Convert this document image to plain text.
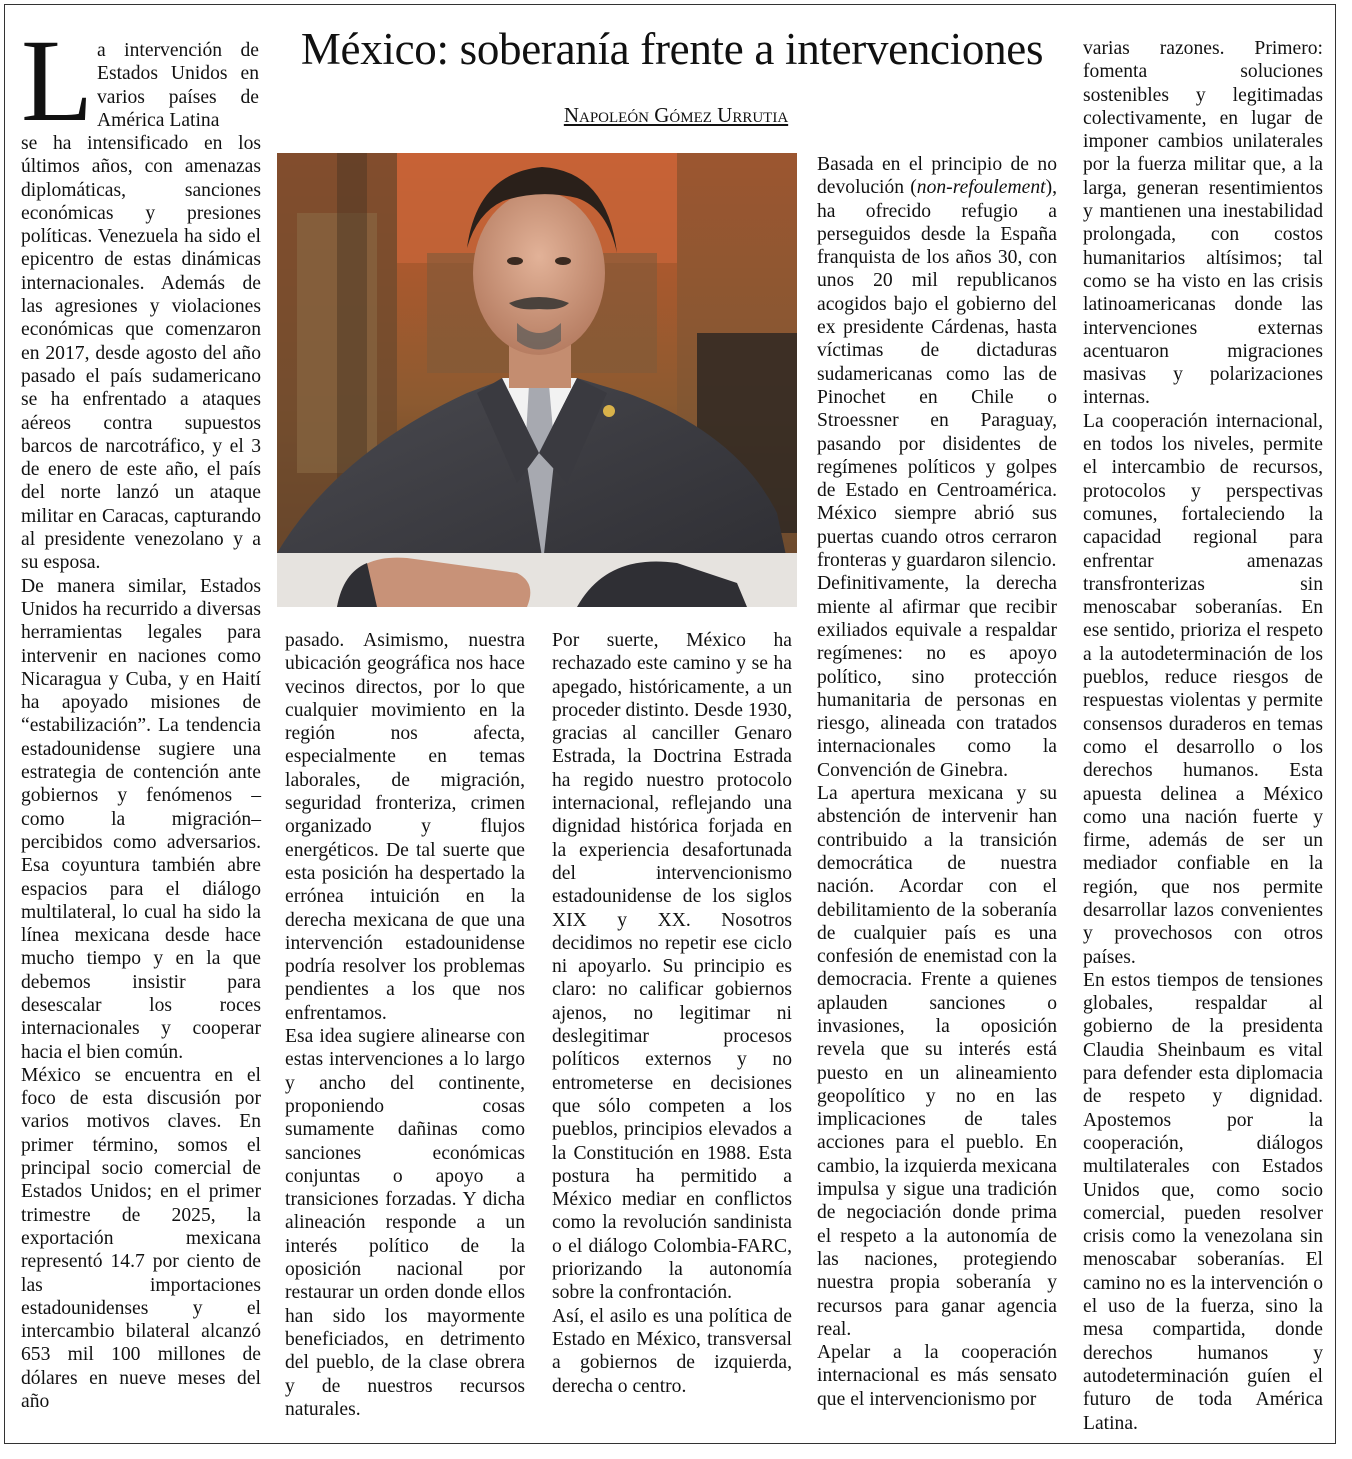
México: soberanía frente a intervenciones
Napoleón Gómez Urrutia
L a intervención de Estados Unidos en varios países de América Latina

se ha intensificado en los últimos años, con amenazas diplomáticas, sanciones económicas y presiones políticas. Venezuela ha sido el epicentro de estas dinámicas internacionales. Además de las agresiones y violaciones económicas que comenzaron en 2017, desde agosto del año pasado el país sudamericano se ha enfrentado a ataques aéreos contra supuestos barcos de narcotráfico, y el 3 de enero de este año, el país del norte lanzó un ataque militar en Caracas, capturando al presidente venezolano y a su esposa.

De manera similar, Estados Unidos ha recurrido a diversas herramientas legales para intervenir en naciones como Nicaragua y Cuba, y en Haití ha apoyado misiones de “estabilización”. La tendencia estadounidense sugiere una estrategia de contención ante gobiernos y fenómenos –como la migración– percibidos como adversarios. Esa coyuntura también abre espacios para el diálogo multilateral, lo cual ha sido la línea mexicana desde hace mucho tiempo y en la que debemos insistir para desescalar los roces internacionales y cooperar hacia el bien común.

México se encuentra en el foco de esta discusión por varios motivos claves. En primer término, somos el principal socio comercial de Estados Unidos; en el primer trimestre de 2025, la exportación mexicana representó 14.7 por ciento de las importaciones estadounidenses y el intercambio bilateral alcanzó 653 mil 100 millones de dólares en nueve meses del año

pasado. Asimismo, nuestra ubicación geográfica nos hace vecinos directos, por lo que cualquier movimiento en la región nos afecta, especialmente en temas laborales, de migración, seguridad fronteriza, crimen organizado y flujos energéticos. De tal suerte que esta posición ha despertado la errónea intuición en la derecha mexicana de que una intervención estadounidense podría resolver los problemas pendientes a los que nos enfrentamos.

Esa idea sugiere alinearse con estas intervenciones a lo largo y ancho del continente, proponiendo cosas sumamente dañinas como sanciones económicas conjuntas o apoyo a transiciones forzadas. Y dicha alineación responde a un interés político de la oposición nacional por restaurar un orden donde ellos han sido los mayormente beneficiados, en detrimento del pueblo, de la clase obrera y de nuestros recursos naturales.

Por suerte, México ha rechazado este camino y se ha apegado, históricamente, a un proceder distinto. Desde 1930, gracias al canciller Genaro Estrada, la Doctrina Estrada ha regido nuestro protocolo internacional, reflejando una dignidad histórica forjada en la experiencia desafortunada del intervencionismo estadounidense de los siglos XIX y XX. Nosotros decidimos no repetir ese ciclo ni apoyarlo. Su principio es claro: no calificar gobiernos ajenos, no legitimar ni deslegitimar procesos políticos externos y no entrometerse en decisiones que sólo competen a los pueblos, principios elevados a la Constitución en 1988. Esta postura ha permitido a México mediar en conflictos como la revolución sandinista o el diálogo Colombia-FARC, priorizando la autonomía sobre la confrontación.

Así, el asilo es una política de Estado en México, transversal a gobiernos de izquierda, derecha o centro.

Basada en el principio de no devolución (non-refoulement), ha ofrecido refugio a perseguidos desde la España franquista de los años 30, con unos 20 mil republicanos acogidos bajo el gobierno del ex presidente Cárdenas, hasta víctimas de dictaduras sudamericanas como las de Pinochet en Chile o Stroessner en Paraguay, pasando por disidentes de regímenes políticos y golpes de Estado en Centroamérica. México siempre abrió sus puertas cuando otros cerraron fronteras y guardaron silencio.

Definitivamente, la derecha miente al afirmar que recibir exiliados equivale a respaldar regímenes: no es apoyo político, sino protección humanitaria de personas en riesgo, alineada con tratados internacionales como la Convención de Ginebra.

La apertura mexicana y su abstención de intervenir han contribuido a la transición democrática de nuestra nación. Acordar con el debilitamiento de la soberanía de cualquier país es una confesión de enemistad con la democracia. Frente a quienes aplauden sanciones o invasiones, la oposición revela que su interés está puesto en un alineamiento geopolítico y no en las implicaciones de tales acciones para el pueblo. En cambio, la izquierda mexicana impulsa y sigue una tradición de negociación donde prima el respeto a la autonomía de las naciones, protegiendo nuestra propia soberanía y recursos para ganar agencia real.

Apelar a la cooperación internacional es más sensato que el intervencionismo por

varias razones. Primero: fomenta soluciones sostenibles y legitimadas colectivamente, en lugar de imponer cambios unilaterales por la fuerza militar que, a la larga, generan resentimientos y mantienen una inestabilidad prolongada, con costos humanitarios altísimos; tal como se ha visto en las crisis latinoamericanas donde las intervenciones externas acentuaron migraciones masivas y polarizaciones internas.

La cooperación internacional, en todos los niveles, permite el intercambio de recursos, protocolos y perspectivas comunes, fortaleciendo la capacidad regional para enfrentar amenazas transfronterizas sin menoscabar soberanías. En ese sentido, prioriza el respeto a la autodeterminación de los pueblos, reduce riesgos de respuestas violentas y permite consensos duraderos en temas como el desarrollo o los derechos humanos. Esta apuesta delinea a México como una nación fuerte y firme, además de ser un mediador confiable en la región, que nos permite desarrollar lazos convenientes y provechosos con otros países.

En estos tiempos de tensiones globales, respaldar al gobierno de la presidenta Claudia Sheinbaum es vital para defender esta diplomacia de respeto y dignidad. Apostemos por la cooperación, diálogos multilaterales con Estados Unidos que, como socio comercial, pueden resolver crisis como la venezolana sin menoscabar soberanías. El camino no es la intervención o el uso de la fuerza, sino la mesa compartida, donde derechos humanos y autodeterminación guíen el futuro de toda América Latina.
